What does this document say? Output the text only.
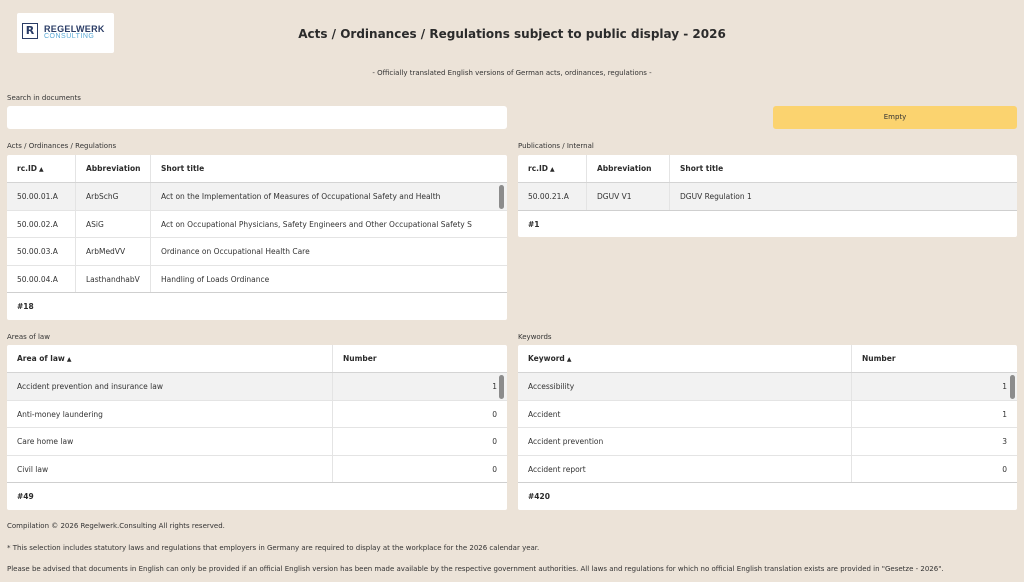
R	REGELWERK
CONSULTING	Acts / Ordinances / Regulations subject to public display - 2026
- Officially translated English versions of German acts, ordinances, regulations -
Search in documents
Empty
Acts / Ordinances / Regulations
rc.ID ▲	Abbreviation	Short title
50.00.01.A	ArbSchG	Act on the Implementation of Measures of Occupational Safety and Health
50.00.02.A	ASiG	Act on Occupational Physicians, Safety Engineers and Other Occupational Safety S
50.00.03.A	ArbMedVV	Ordinance on Occupational Health Care
50.00.04.A	LasthandhabV	Handling of Loads Ordinance
#18
Publications / Internal
rc.ID ▲	Abbreviation	Short title
50.00.21.A	DGUV V1	DGUV Regulation 1
#1
Areas of law
Area of law ▲	Number
Accident prevention and insurance law	1
Anti-money laundering	0
Care home law	0
Civil law	0
#49
Keywords
Keyword ▲	Number
Accessibility	1
Accident	1
Accident prevention	3
Accident report	0
#420
Compilation © 2026 Regelwerk.Consulting All rights reserved.
* This selection includes statutory laws and regulations that employers in Germany are required to display at the workplace for the 2026 calendar year.
Please be advised that documents in English can only be provided if an official English version has been made available by the respective government authorities. All laws and regulations for which no official English translation exists are provided in "Gesetze - 2026".
